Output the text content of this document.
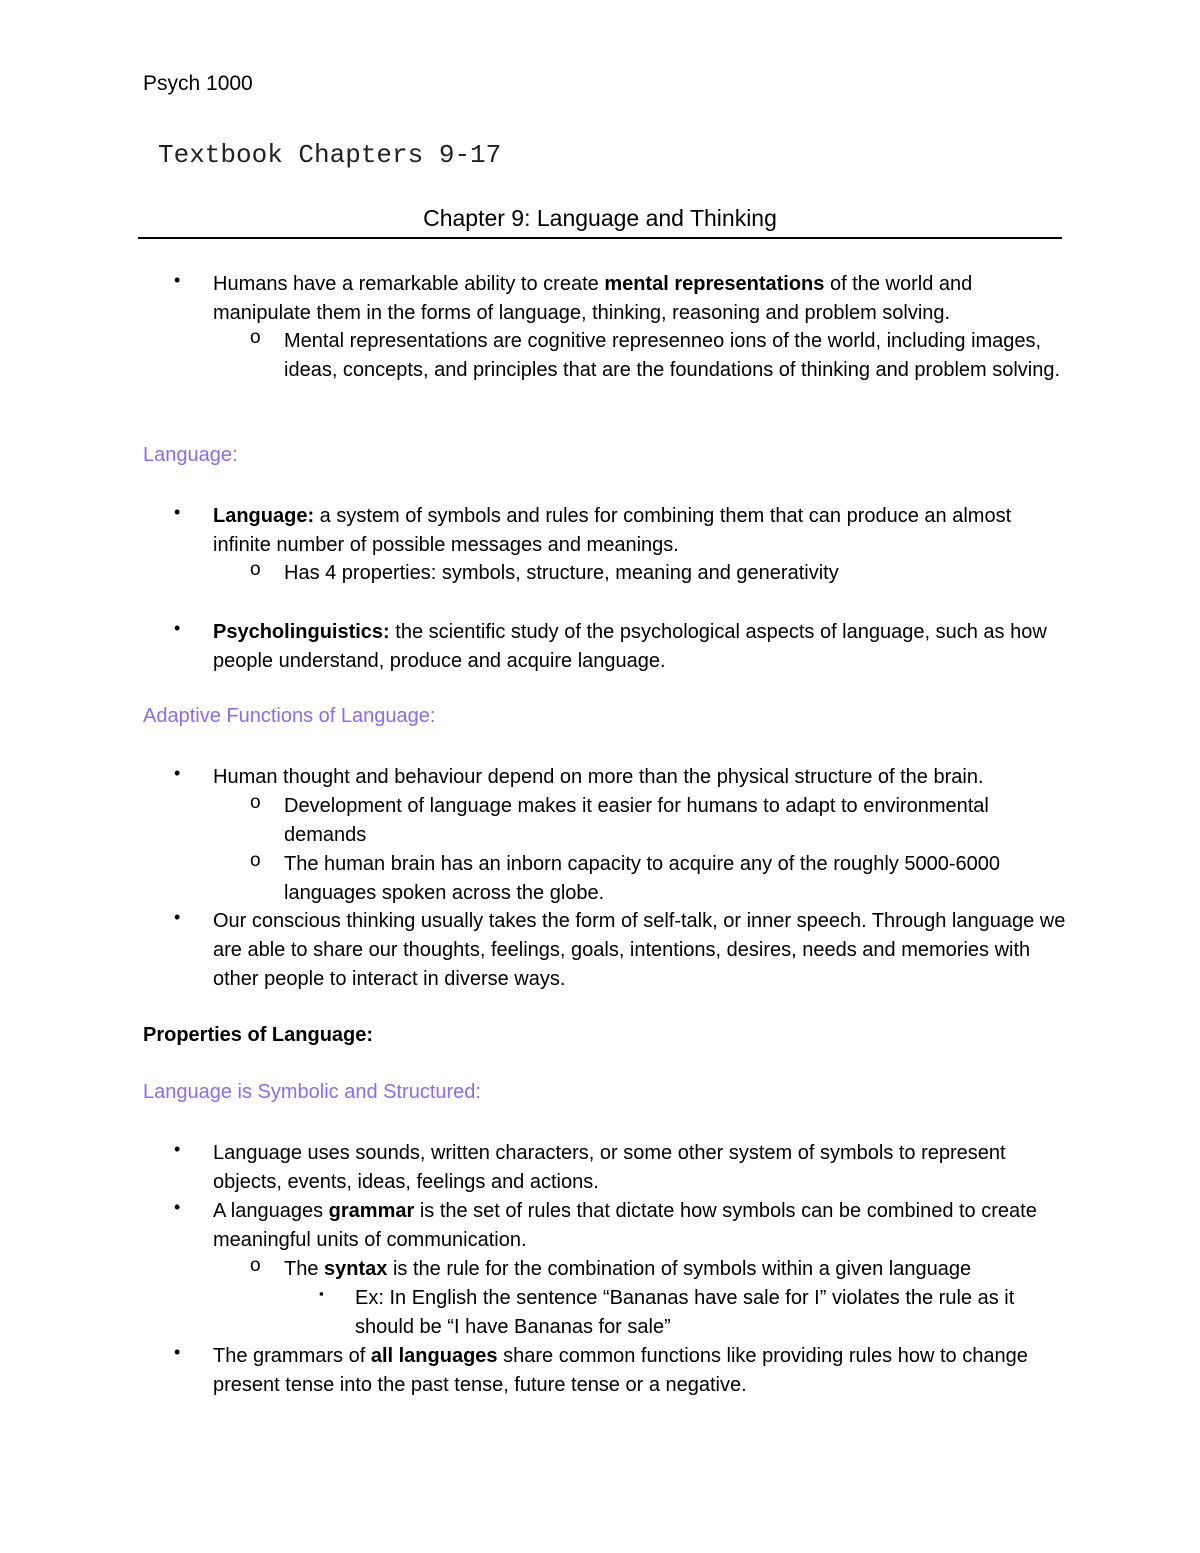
Psych 1000

Textbook Chapters 9-17

Chapter 9: Language and Thinking

• Humans have a remarkable ability to create mental representations of the world and manipulate them in the forms of language, thinking, reasoning and problem solving.

o Mental representations are cognitive represenneo ions of the world, including images, ideas, concepts, and principles that are the foundations of thinking and problem solving.

Language:

• Language: a system of symbols and rules for combining them that can produce an almost infinite number of possible messages and meanings.

o Has 4 properties: symbols, structure, meaning and generativity

• Psycholinguistics: the scientific study of the psychological aspects of language, such as how people understand, produce and acquire language.

Adaptive Functions of Language:

• Human thought and behaviour depend on more than the physical structure of the brain.

o Development of language makes it easier for humans to adapt to environmental demands

o The human brain has an inborn capacity to acquire any of the roughly 5000-6000 languages spoken across the globe.

• Our conscious thinking usually takes the form of self-talk, or inner speech. Through language we are able to share our thoughts, feelings, goals, intentions, desires, needs and memories with other people to interact in diverse ways.

Properties of Language:

Language is Symbolic and Structured:

• Language uses sounds, written characters, or some other system of symbols to represent objects, events, ideas, feelings and actions.

• A languages grammar is the set of rules that dictate how symbols can be combined to create meaningful units of communication.

o The syntax is the rule for the combination of symbols within a given language

▪ Ex: In English the sentence “Bananas have sale for I” violates the rule as it should be “I have Bananas for sale”

• The grammars of all languages share common functions like providing rules how to change present tense into the past tense, future tense or a negative.
